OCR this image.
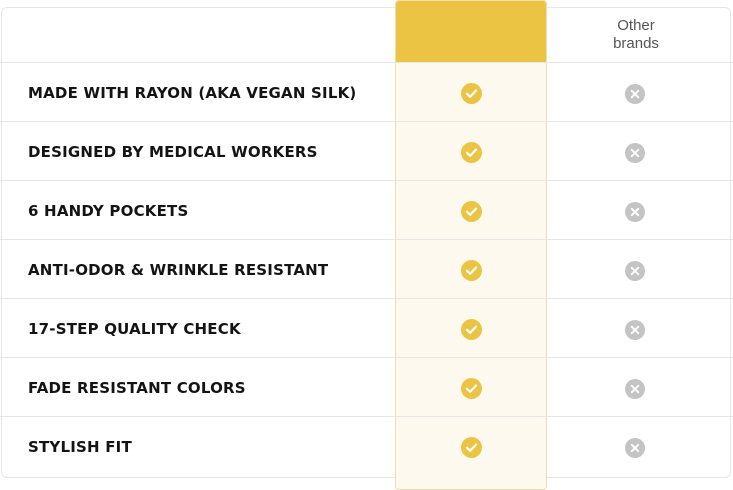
Other
brands
MADE WITH RAYON (AKA VEGAN SILK)
DESIGNED BY MEDICAL WORKERS
6 HANDY POCKETS
ANTI-ODOR & WRINKLE RESISTANT
17-STEP QUALITY CHECK
FADE RESISTANT COLORS
STYLISH FIT
